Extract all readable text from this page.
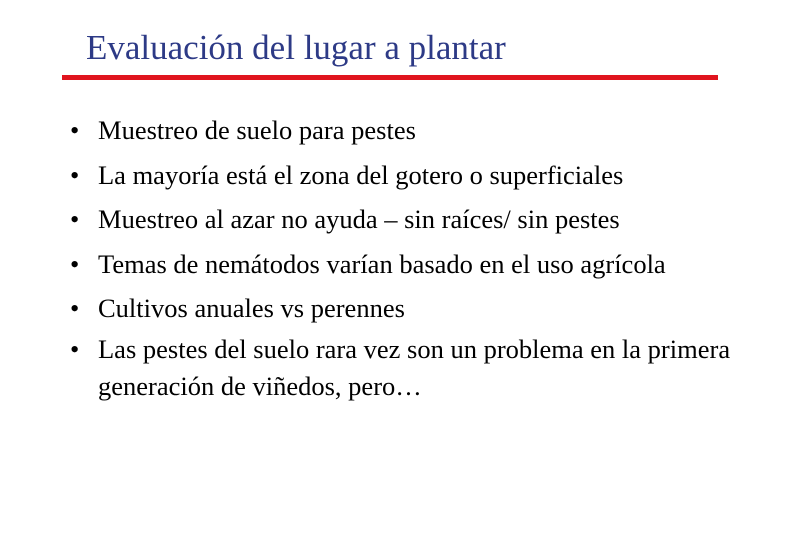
Evaluación del lugar a plantar
• Muestreo de suelo para pestes
• La mayoría está el zona del gotero o superficiales
• Muestreo al azar no ayuda – sin raíces/ sin pestes
• Temas de nemátodos varían basado en el uso agrícola
• Cultivos anuales vs perennes
• Las pestes del suelo rara vez son un problema en la primera generación de viñedos, pero…
